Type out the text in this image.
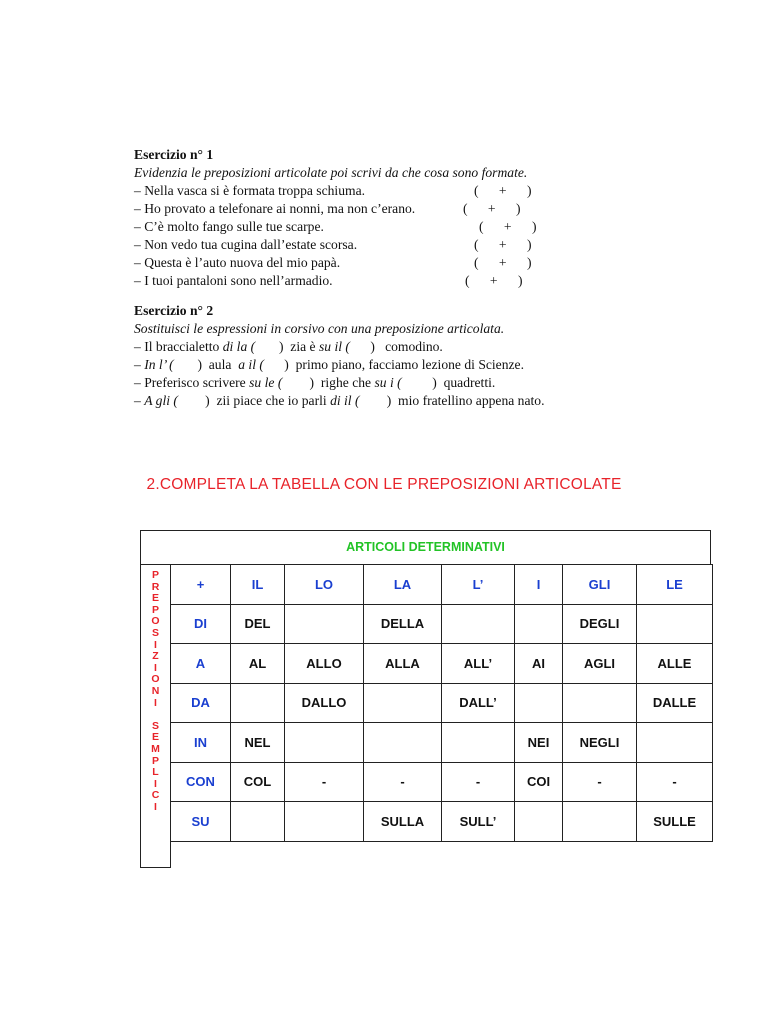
Esercizio n° 1
Evidenzia le preposizioni articolate poi scrivi da che cosa sono formate.
– Nella vasca si è formata troppa schiuma.	(      +      )
– Ho provato a telefonare ai nonni, ma non c’erano.	(      +      )
– C’è molto fango sulle tue scarpe.	(      +      )
– Non vedo tua cugina dall’estate scorsa.	(      +      )
– Questa è l’auto nuova del mio papà.	(      +      )
– I tuoi pantaloni sono nell’armadio.	(      +      )
Esercizio n° 2
Sostituisci le espressioni in corsivo con una preposizione articolata.
– Il braccialetto di la (       )  zia è su il (      )   comodino.
– In l’ (       )  aula  a il (      )  primo piano, facciamo lezione di Scienze.
– Preferisco scrivere su le (        )  righe che su i (         )  quadretti.
– A gli (        )  zii piace che io parli di il (        )  mio fratellino appena nato.
2.COMPLETA LA TABELLA CON LE PREPOSIZIONI ARTICOLATE
ARTICOLI DETERMINATIVI
P
R
E
P
O
S
I
Z
I
O
N
I

S
E
M
P
L
I
C
I
+	IL	LO	LA	L’	I	GLI	LE
DI	DEL		DELLA			DEGLI	
A	AL	ALLO	ALLA	ALL’	AI	AGLI	ALLE
DA		DALLO		DALL’			DALLE
IN	NEL				NEI	NEGLI	
CON	COL	-	-	-	COI	-	-
SU			SULLA	SULL’			SULLE
